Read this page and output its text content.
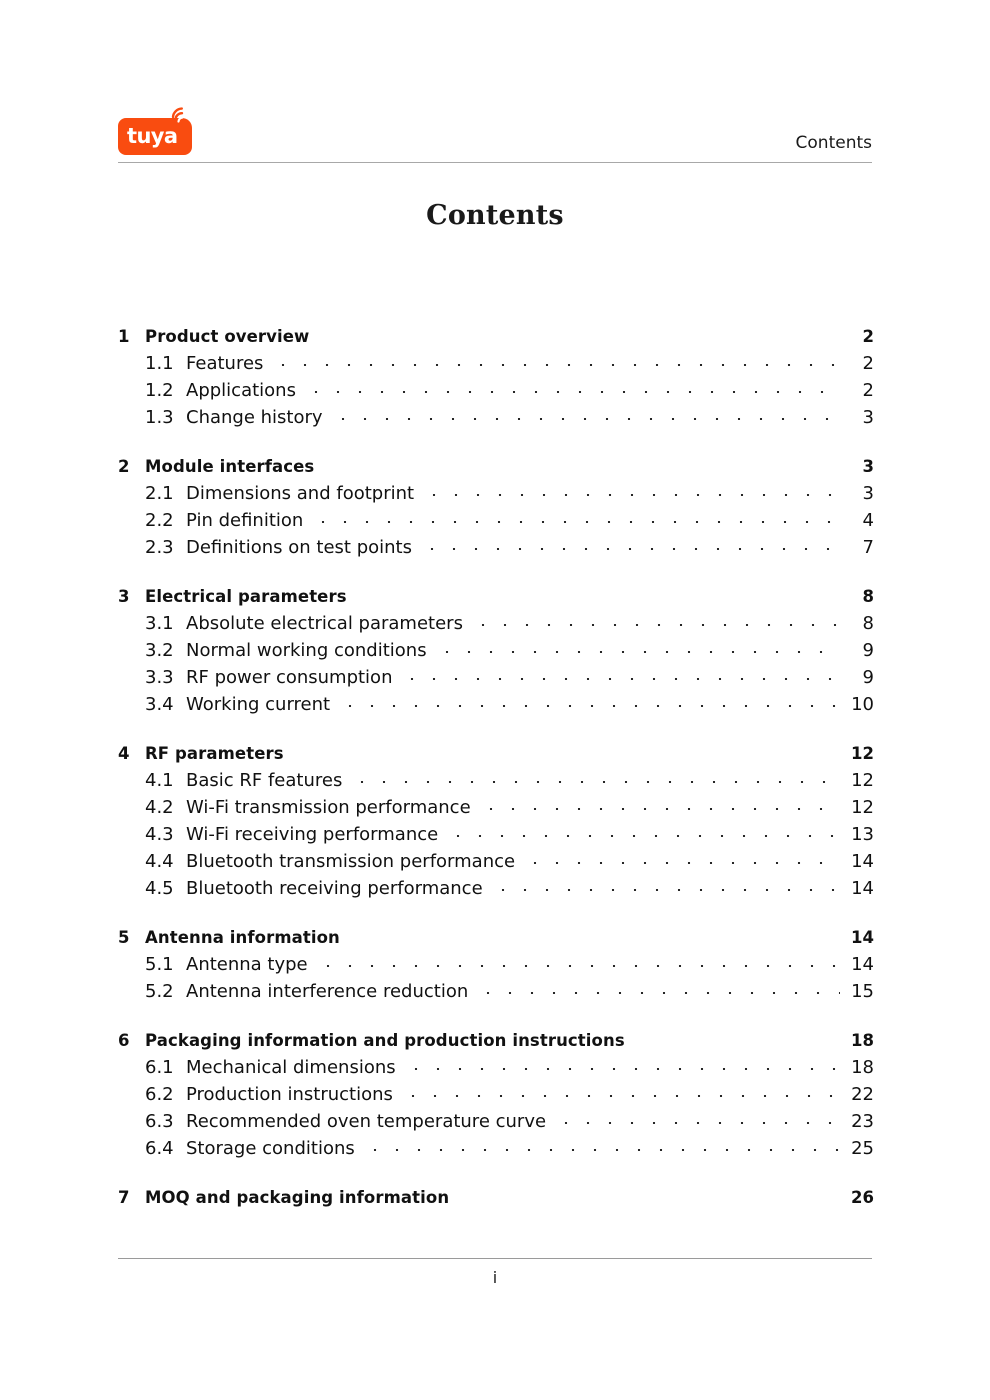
tuya	Contents
Contents
1 Product overview	2
1.1 Features	2
1.2 Applications	2
1.3 Change history	3
2 Module interfaces	3
2.1 Dimensions and footprint	3
2.2 Pin definition	4
2.3 Definitions on test points	7
3 Electrical parameters	8
3.1 Absolute electrical parameters	8
3.2 Normal working conditions	9
3.3 RF power consumption	9
3.4 Working current	10
4 RF parameters	12
4.1 Basic RF features	12
4.2 Wi-Fi transmission performance	12
4.3 Wi-Fi receiving performance	13
4.4 Bluetooth transmission performance	14
4.5 Bluetooth receiving performance	14
5 Antenna information	14
5.1 Antenna type	14
5.2 Antenna interference reduction	15
6 Packaging information and production instructions	18
6.1 Mechanical dimensions	18
6.2 Production instructions	22
6.3 Recommended oven temperature curve	23
6.4 Storage conditions	25
7 MOQ and packaging information	26
i
